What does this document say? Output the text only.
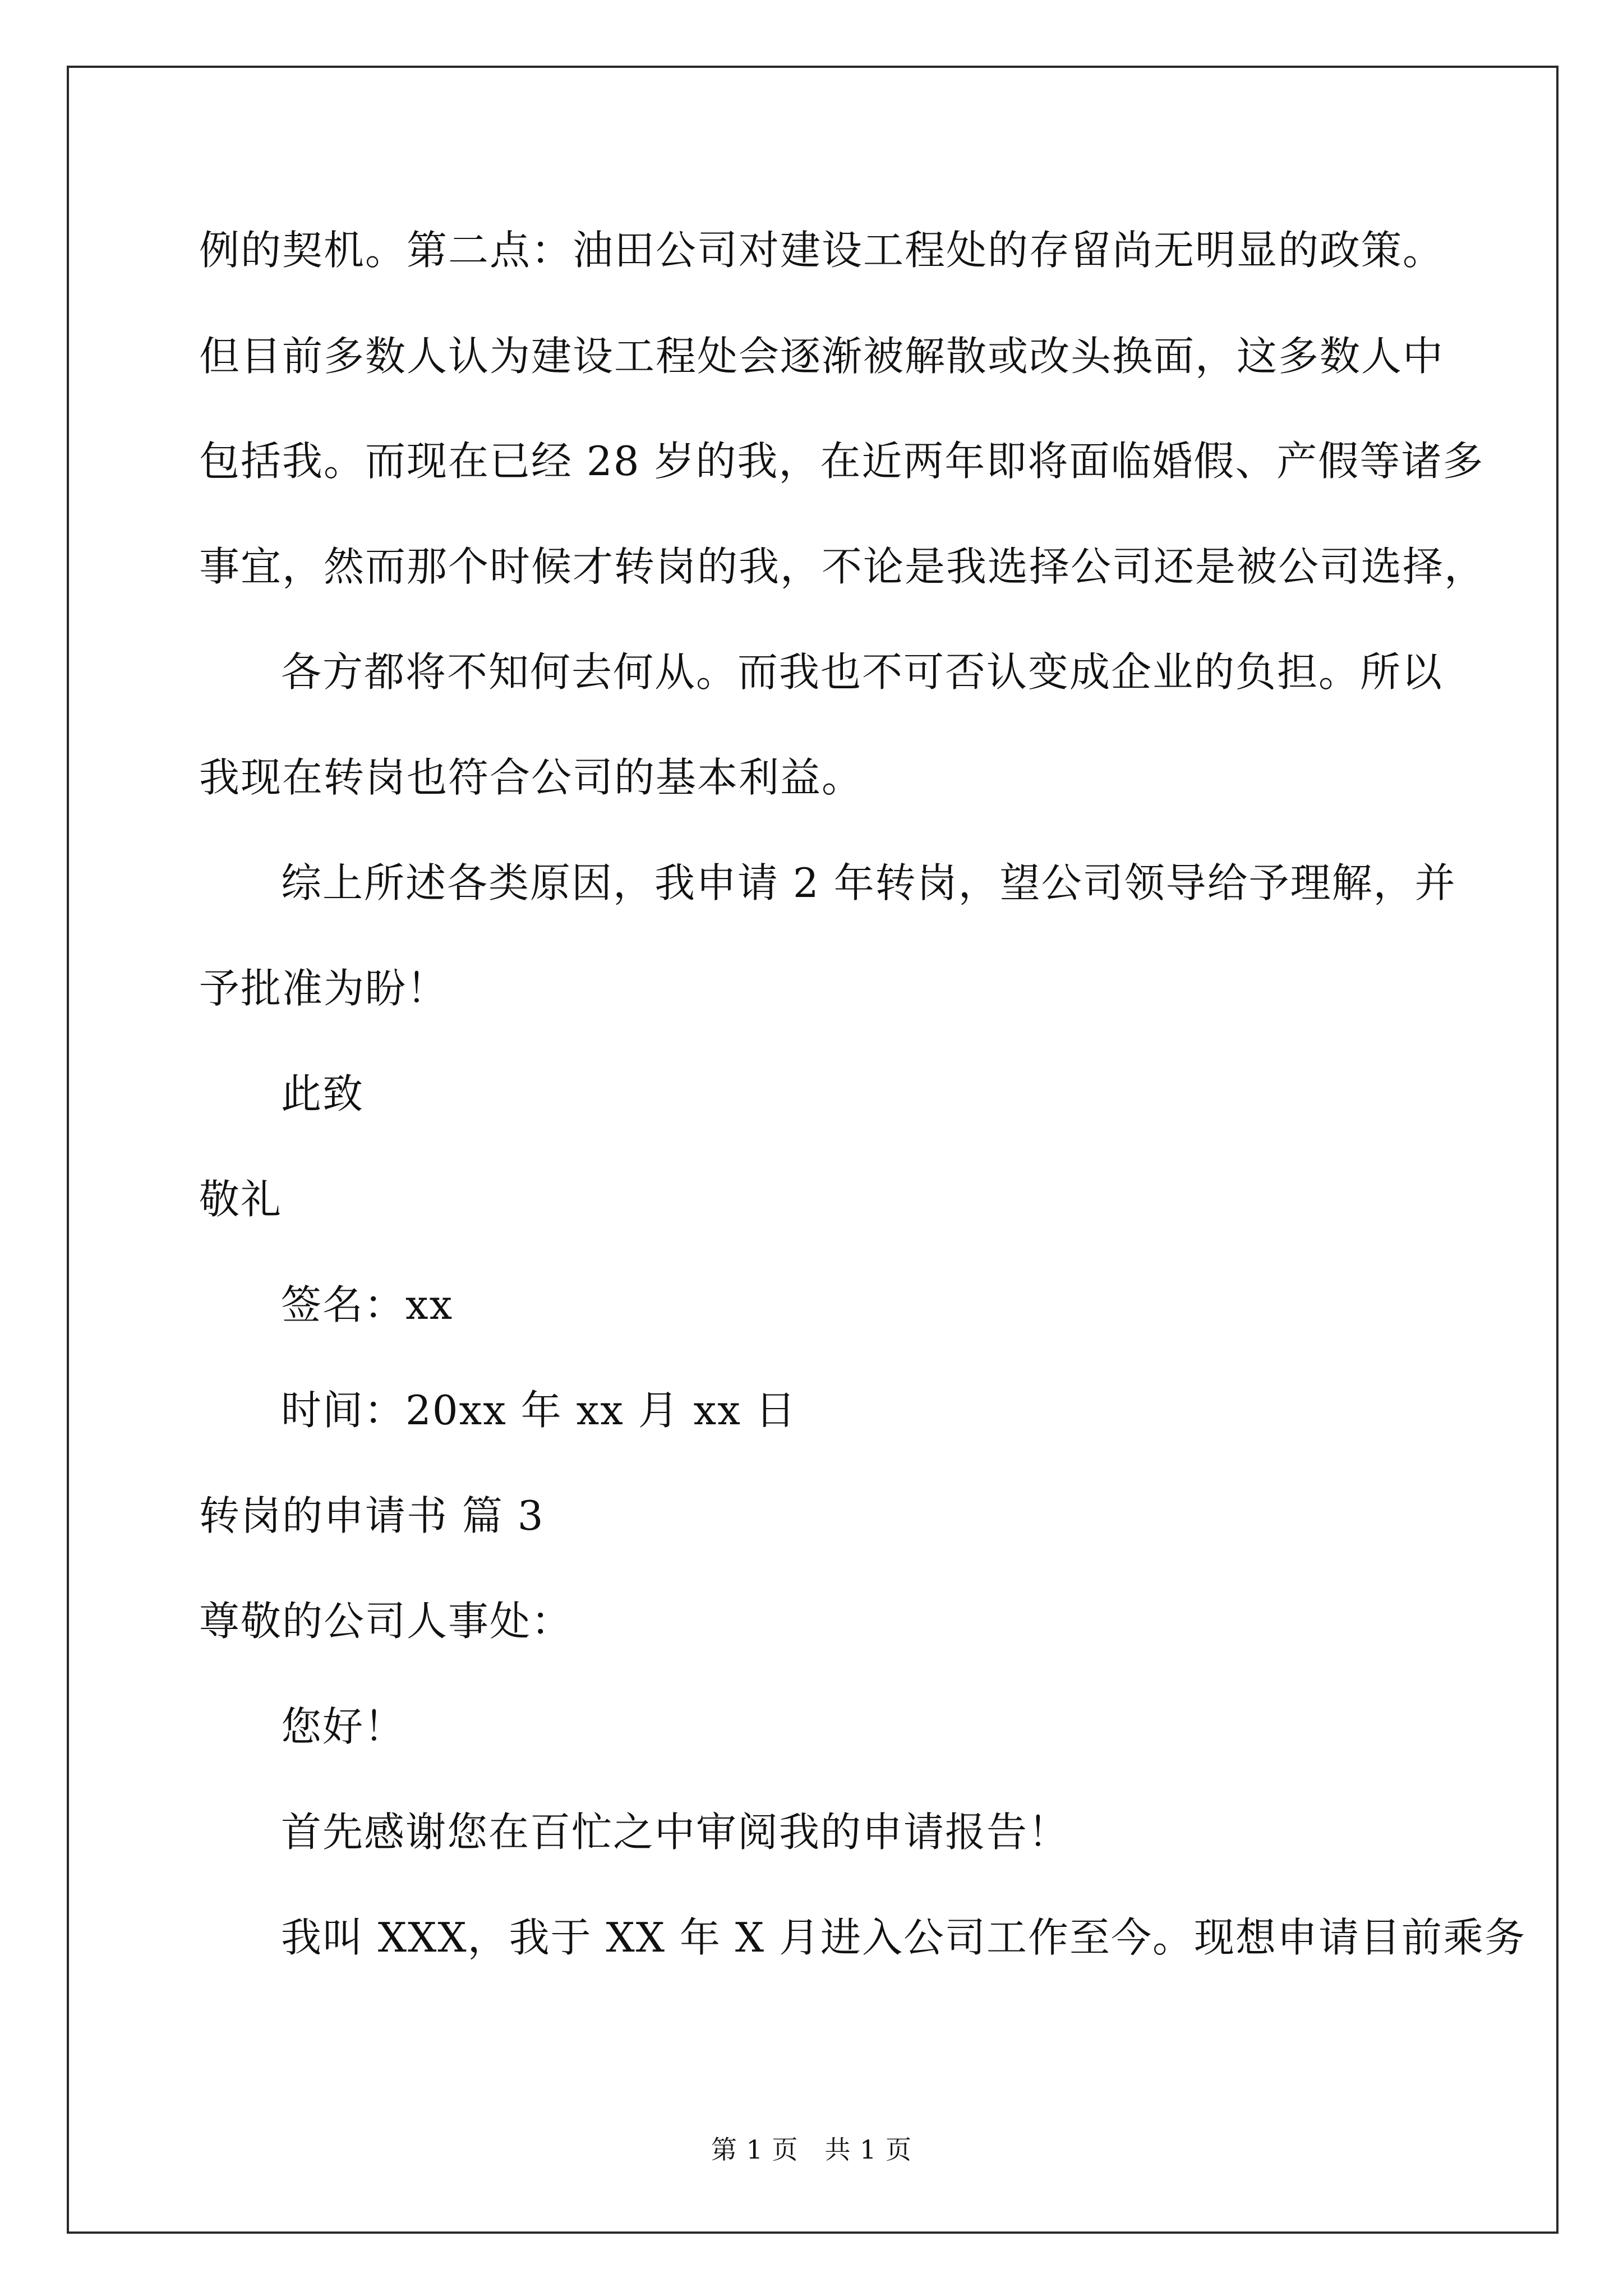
例的契机。第二点：油田公司对建设工程处的存留尚无明显的政策。
但目前多数人认为建设工程处会逐渐被解散或改头换面，这多数人中
包括我。而现在已经 28 岁的我，在近两年即将面临婚假、产假等诸多
事宜，然而那个时候才转岗的我，不论是我选择公司还是被公司选择，
各方都将不知何去何从。而我也不可否认变成企业的负担。所以
我现在转岗也符合公司的基本利益。
综上所述各类原因，我申请 2 年转岗，望公司领导给予理解，并
予批准为盼！
此致
敬礼
签名：xx
时间：20xx 年 xx 月 xx 日
转岗的申请书 篇 3
尊敬的公司人事处：
您好！
首先感谢您在百忙之中审阅我的申请报告！
我叫 XXX，我于 XX 年 X 月进入公司工作至今。现想申请目前乘务
第 1 页 共 1 页
